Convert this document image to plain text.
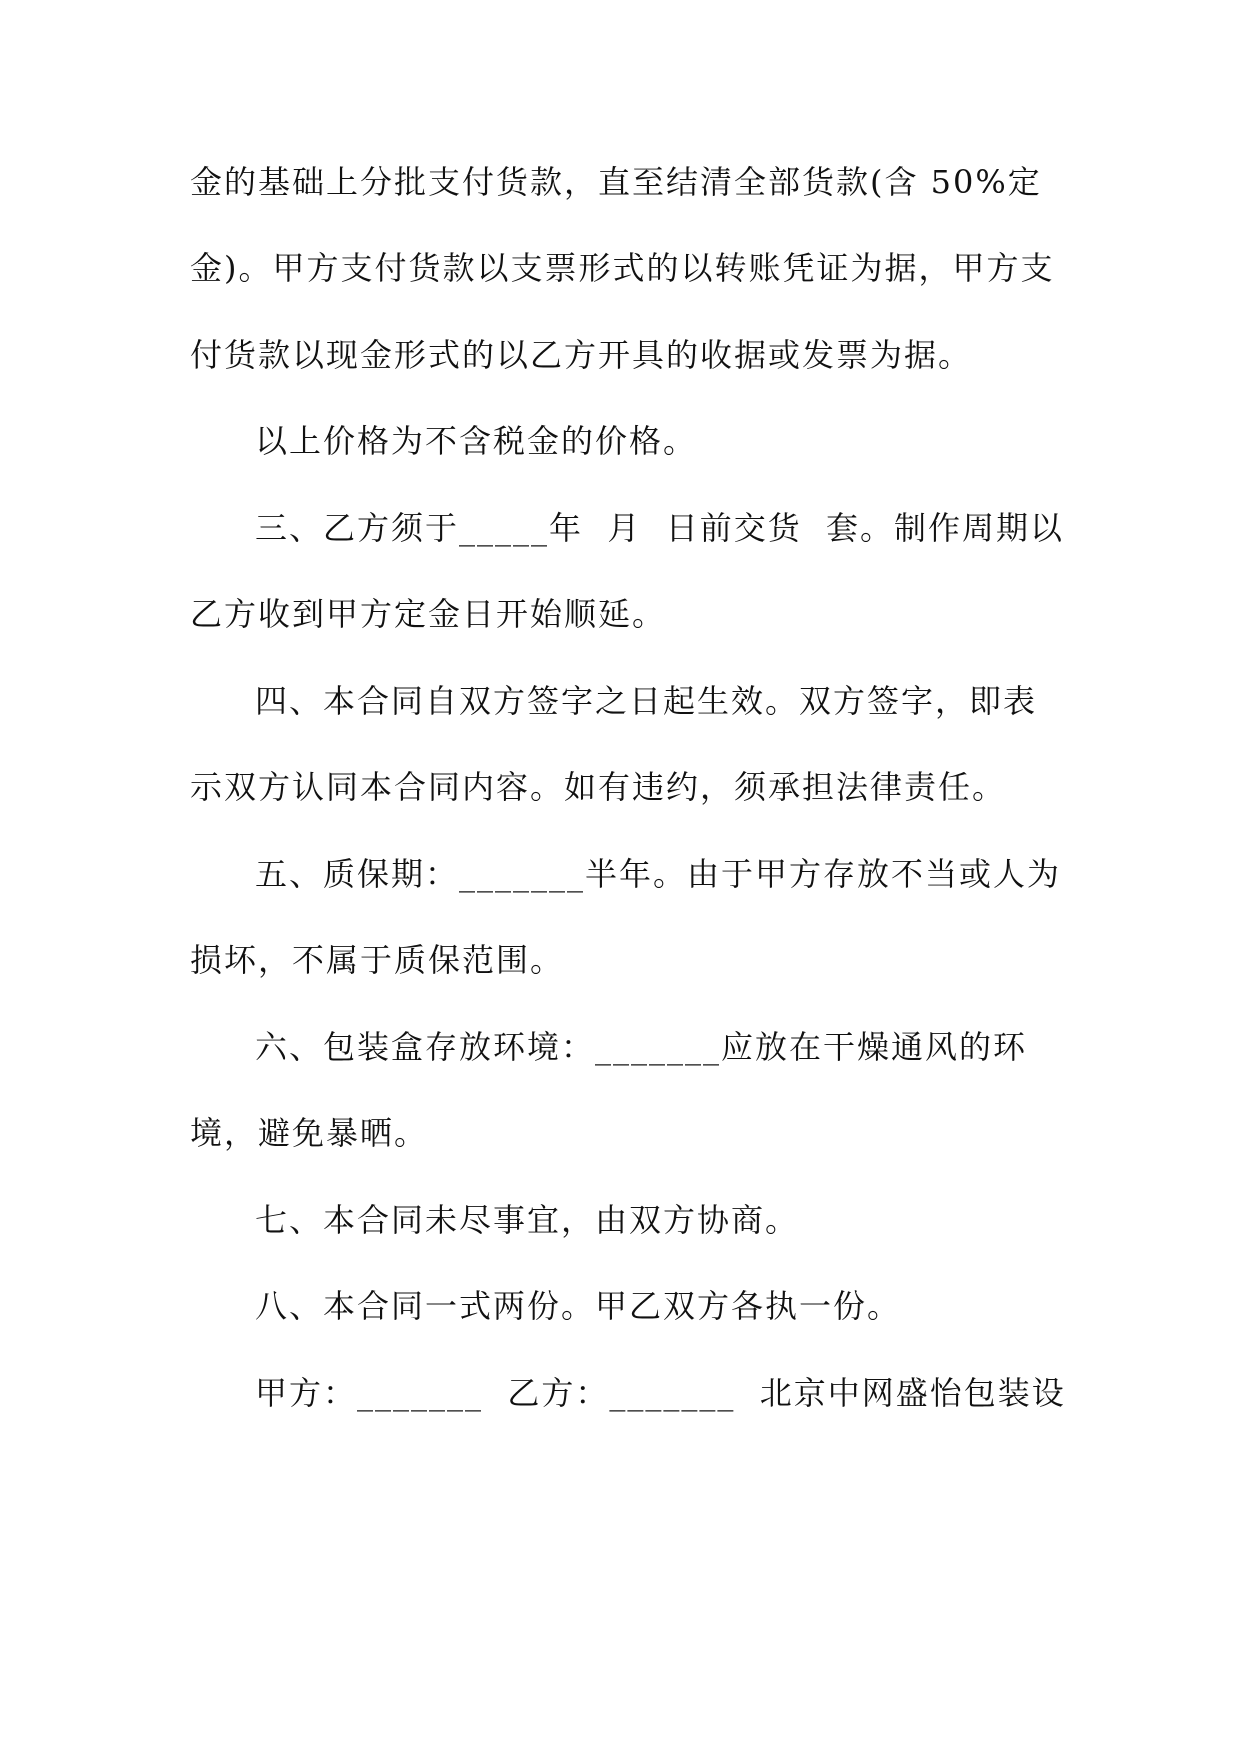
金的基础上分批支付货款，直至结清全部货款(含 50%定

金)。甲方支付货款以支票形式的以转账凭证为据，甲方支

付货款以现金形式的以乙方开具的收据或发票为据。

以上价格为不含税金的价格。

三、乙方须于_____年  月  日前交货  套。制作周期以

乙方收到甲方定金日开始顺延。

四、本合同自双方签字之日起生效。双方签字，即表

示双方认同本合同内容。如有违约，须承担法律责任。

五、质保期：_______半年。由于甲方存放不当或人为

损坏，不属于质保范围。

六、包装盒存放环境：_______应放在干燥通风的环

境，避免暴晒。

七、本合同未尽事宜，由双方协商。

八、本合同一式两份。甲乙双方各执一份。

甲方：_______  乙方：_______  北京中网盛怡包装设
